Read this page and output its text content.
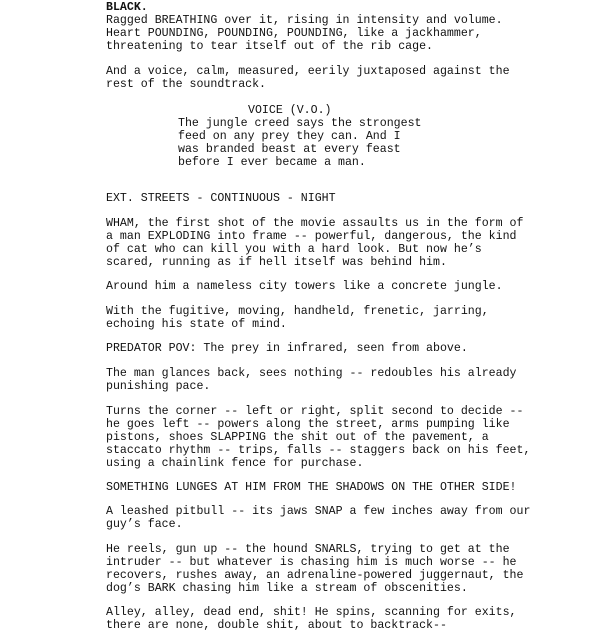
BLACK.
Ragged BREATHING over it, rising in intensity and volume.
Heart POUNDING, POUNDING, POUNDING, like a jackhammer,
threatening to tear itself out of the rib cage.
And a voice, calm, measured, eerily juxtaposed against the
rest of the soundtrack.
VOICE (V.O.)
The jungle creed says the strongest
feed on any prey they can. And I
was branded beast at every feast
before I ever became a man.
EXT. STREETS - CONTINUOUS - NIGHT
WHAM, the first shot of the movie assaults us in the form of
a man EXPLODING into frame -- powerful, dangerous, the kind
of cat who can kill you with a hard look. But now he’s
scared, running as if hell itself was behind him.
Around him a nameless city towers like a concrete jungle.
With the fugitive, moving, handheld, frenetic, jarring,
echoing his state of mind.
PREDATOR POV: The prey in infrared, seen from above.
The man glances back, sees nothing -- redoubles his already
punishing pace.
Turns the corner -- left or right, split second to decide --
he goes left -- powers along the street, arms pumping like
pistons, shoes SLAPPING the shit out of the pavement, a
staccato rhythm -- trips, falls -- staggers back on his feet,
using a chainlink fence for purchase.
SOMETHING LUNGES AT HIM FROM THE SHADOWS ON THE OTHER SIDE!
A leashed pitbull -- its jaws SNAP a few inches away from our
guy’s face.
He reels, gun up -- the hound SNARLS, trying to get at the
intruder -- but whatever is chasing him is much worse -- he
recovers, rushes away, an adrenaline-powered juggernaut, the
dog’s BARK chasing him like a stream of obscenities.
Alley, alley, dead end, shit! He spins, scanning for exits,
there are none, double shit, about to backtrack--
